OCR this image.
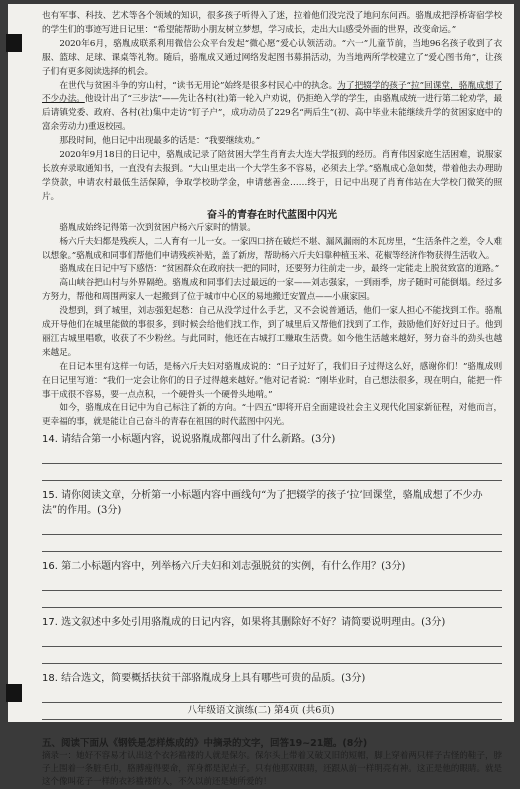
也有军事、科技、艺术等各个领域的知识，很多孩子听得入了迷，拉着他们没完没了地问东问西。骆胤成把浮桥寄宿学校的学生们的事迹写进日记里：“希望能帮助小朋友树立梦想，学习成长，走出大山感受外面的世界，改变命运。”

2020年6月，骆胤成联系利用微信公众平台发起“微心愿”爱心认领活动。“六一”儿童节前，当地96名孩子收到了衣服、篮球、足球、课桌等礼物。随后，骆胤成又通过网络发起图书募捐活动，为当地两所学校建立了“爱心图书角”，让孩子们有更多阅读选择的机会。

在世代与贫困斗争的穷山村，“读书无用论”始终是很多村民心中的执念。为了把辍学的孩子“拉”回课堂，骆胤成想了不少办法。他设计出了“三步法”——先让各村(社)第一轮入户劝说，仍拒绝入学的学生，由骆胤成统一进行第二轮劝学，最后请镇党委、政府、各村(社)集中走访“钉子户”，成功动员了229名“两后生”(初、高中毕业未能继续升学的贫困家庭中的富余劳动力)重返校园。

那段时间，他日记中出现最多的话是：“我要继续劝。”

2020年9月18日的日记中，骆胤成记录了陪贫困大学生肖育去大连大学报到的经历。肖育伟因家庭生活困难，说服家长放弃录取通知书，一直没有去报到。“大山里走出一个大学生多不容易，必须去上学。”骆胤成心急如焚，带着他去办理助学贷款，申请农村最低生活保障，争取学校助学金，申请慈善金……终于，日记中出现了肖育伟站在大学校门微笑的照片。

奋斗的青春在时代蓝图中闪光

骆胤成始终记得第一次到贫困户杨六斤家时的情景。

杨六斤夫妇都是残疾人，二人育有一儿一女。一家四口挤在破烂不堪、漏风漏雨的木瓦房里，“生活条件之差，令人难以想象。”骆胤成和同事们帮他们申请残疾补贴，盖了新房，帮助杨六斤夫妇靠种植玉米、花椒等经济作物获得生活收入。

骆胤成在日记中写下感悟：“贫困群众在政府扶一把的同时，还要努力往前走一步，最终一定能走上脱贫致富的道路。”

高山峡谷把山村与外界隔绝。骆胤成和同事们去过最远的一家——刘志强家，一到雨季，房子随时可能倒塌。经过多方努力，帮他和周围两家人一起搬到了位于城市中心区的易地搬迁安置点——小康家园。

没想到，到了城里，刘志强犯起愁：自己从没学过什么手艺，又不会说普通话，他们一家人担心不能找到工作。骆胤成开导他们在城里能做的事很多，到时候会给他们找工作，到了城里后又帮他们找到了工作，鼓励他们好好过日子。他到丽江古城里唱歌，收获了不少粉丝。与此同时，他还在古城打工赚取生活费。如今他生活越来越好，努力奋斗的劲头也越来越足。

在日记本里有这样一句话，是杨六斤夫妇对骆胤成说的：“日子过好了，我们日子过得这么好，感谢你们！”骆胤成则在日记里写道：“我们一定会让你们的日子过得越来越好。”他对记者说：“刚毕业时，自己想法很多，现在明白，能把一件事干成很不容易，要一点点积，一个硬骨头一个硬骨头地啃。”

如今，骆胤成在日记中为自己标注了新的方向。“十四五”即将开启全面建设社会主义现代化国家新征程，对他而言，更幸福的事，就是能让自己奋斗的青春在祖国的时代蓝图中闪光。

14. 请结合第一小标题内容，说说骆胤成都闯出了什么新路。(3分)
15. 请你阅读文章，分析第一小标题内容中画线句“为了把辍学的孩子‘拉’回课堂，骆胤成想了不少办法”的作用。(3分)
16. 第二小标题内容中，列举杨六斤夫妇和刘志强脱贫的实例，有什么作用？(3分)
17. 选文叙述中多处引用骆胤成的日记内容，如果将其删除好不好？请简要说明理由。(3分)
18. 结合选文，简要概括扶贫干部骆胤成身上具有哪些可贵的品质。(3分)
五、阅读下面从《钢铁是怎样炼成的》中摘录的文字，回答19~21题。(8分)

摘录一：她好不容易才认出这个衣衫褴褛的人就是保尔。保尔头上带着又破又旧的短帽，脚上穿着两只样子古怪的鞋子，脖子上围着一条脏毛巾，胳膊瘦得要命，浑身都是泥点子。只有他那双眼睛，还跟从前一样明亮有神。这正是他的眼睛。就是这个像叫花子一样的衣衫褴褛的人，不久以前还是她所爱的！

八年级语文演练(二) 第4页 (共6页)
